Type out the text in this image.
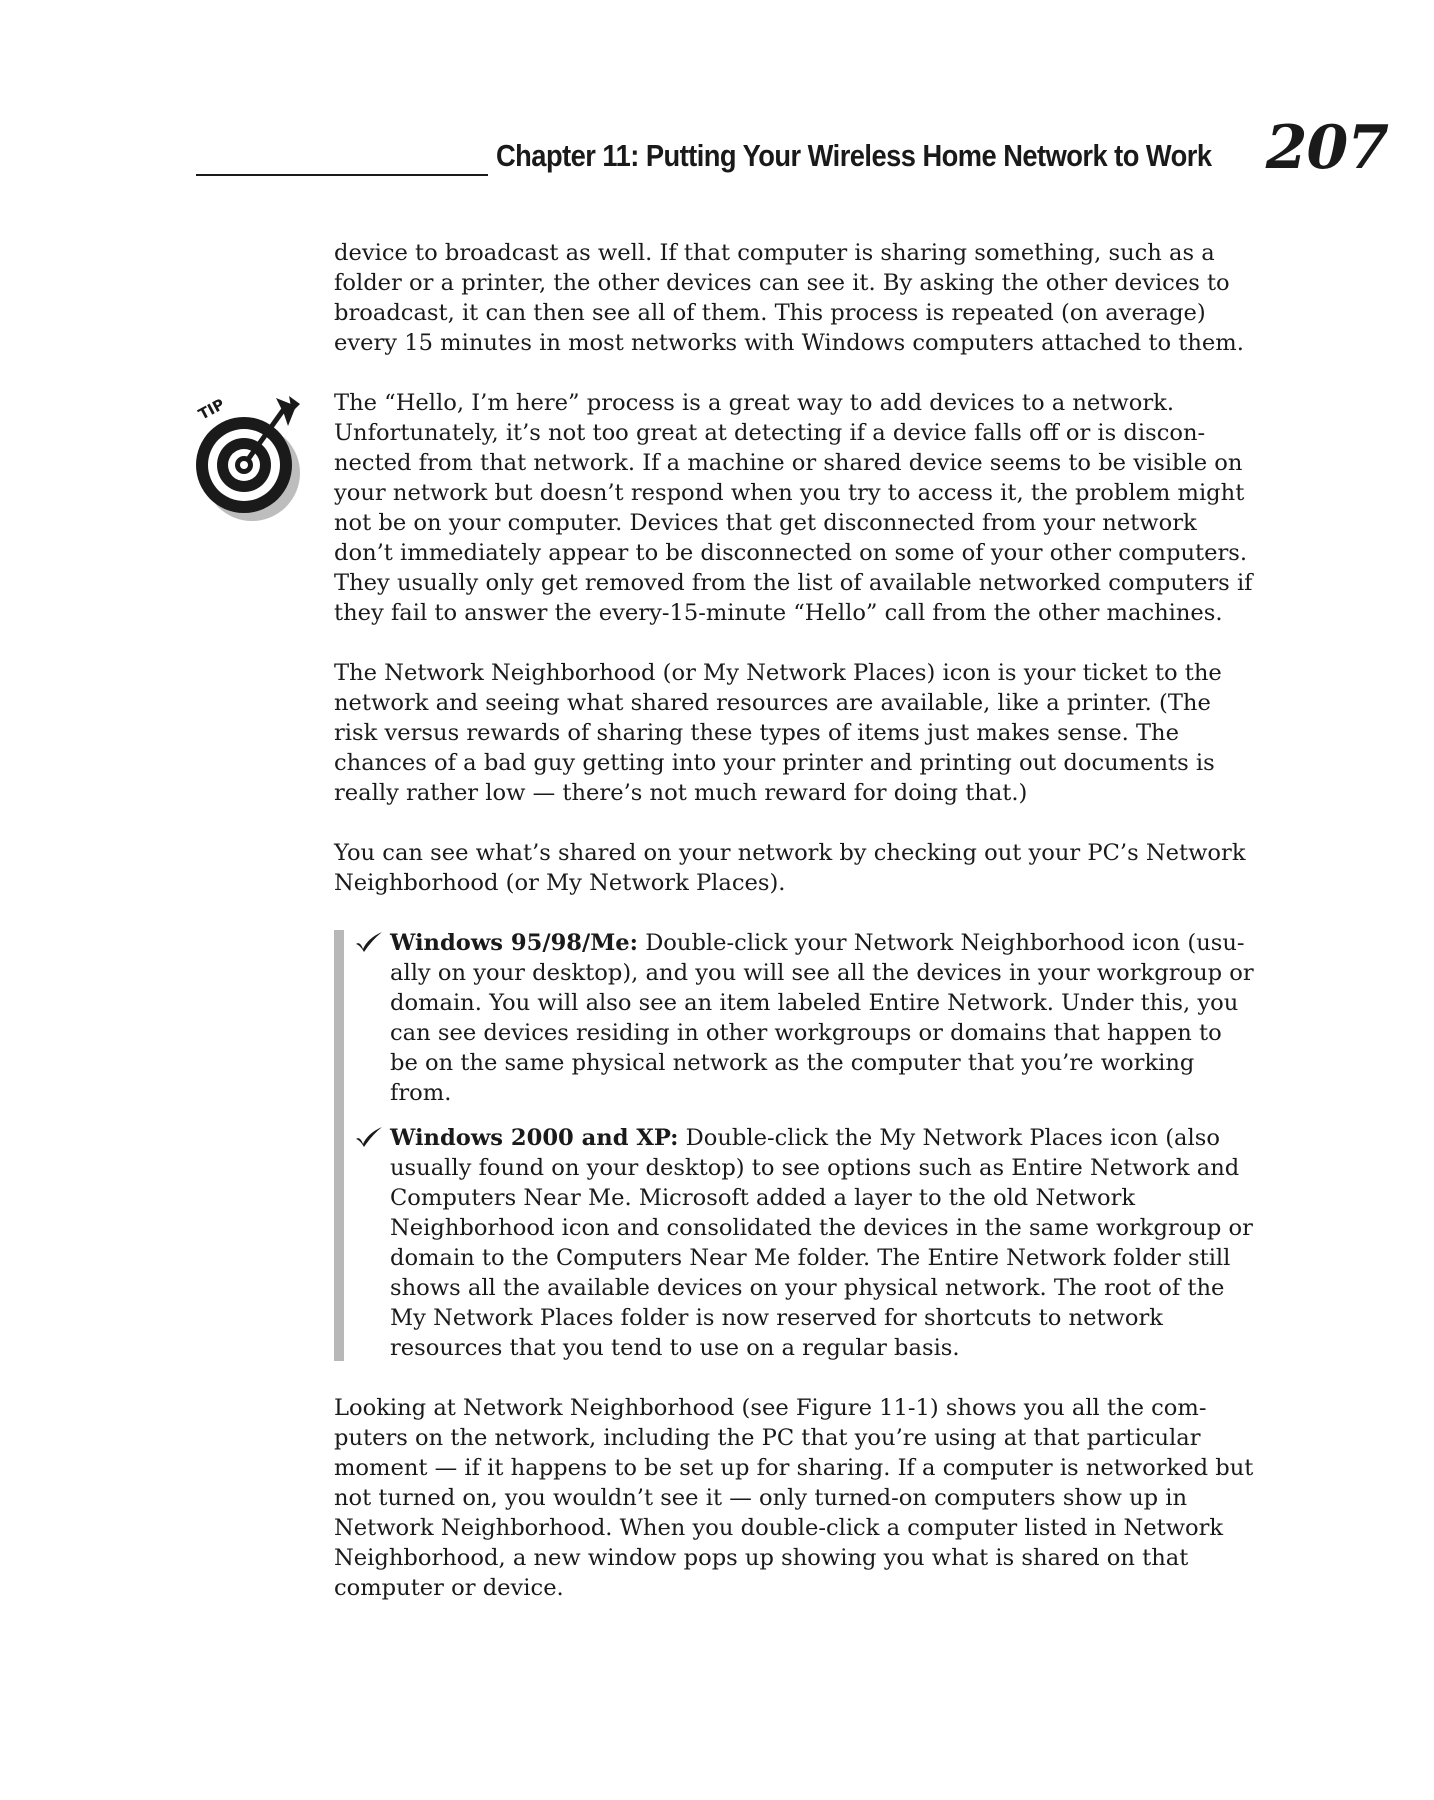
Chapter 11: Putting Your Wireless Home Network to Work 207
TIP

device to broadcast as well. If that computer is sharing something, such as a folder or a printer, the other devices can see it. By asking the other devices to broadcast, it can then see all of them. This process is repeated (on average) every 15 minutes in most networks with Windows computers attached to them.

The “Hello, I’m here” process is a great way to add devices to a network. Unfortunately, it’s not too great at detecting if a device falls off or is disconnected from that network. If a machine or shared device seems to be visible on your network but doesn’t respond when you try to access it, the problem might not be on your computer. Devices that get disconnected from your network don’t immediately appear to be disconnected on some of your other computers. They usually only get removed from the list of available networked computers if they fail to answer the every-15-minute “Hello” call from the other machines.

The Network Neighborhood (or My Network Places) icon is your ticket to the network and seeing what shared resources are available, like a printer. (The risk versus rewards of sharing these types of items just makes sense. The chances of a bad guy getting into your printer and printing out documents is really rather low — there’s not much reward for doing that.)

You can see what’s shared on your network by checking out your PC’s Network Neighborhood (or My Network Places).

Windows 95/98/Me: Double-click your Network Neighborhood icon (usually on your desktop), and you will see all the devices in your workgroup or domain. You will also see an item labeled Entire Network. Under this, you can see devices residing in other workgroups or domains that happen to be on the same physical network as the computer that you’re working from.
Windows 2000 and XP: Double-click the My Network Places icon (also usually found on your desktop) to see options such as Entire Network and Computers Near Me. Microsoft added a layer to the old Network Neighborhood icon and consolidated the devices in the same workgroup or domain to the Computers Near Me folder. The Entire Network folder still shows all the available devices on your physical network. The root of the My Network Places folder is now reserved for shortcuts to network resources that you tend to use on a regular basis.

Looking at Network Neighborhood (see Figure 11-1) shows you all the computers on the network, including the PC that you’re using at that particular moment — if it happens to be set up for sharing. If a computer is networked but not turned on, you wouldn’t see it — only turned-on computers show up in Network Neighborhood. When you double-click a computer listed in Network Neighborhood, a new window pops up showing you what is shared on that computer or device.
